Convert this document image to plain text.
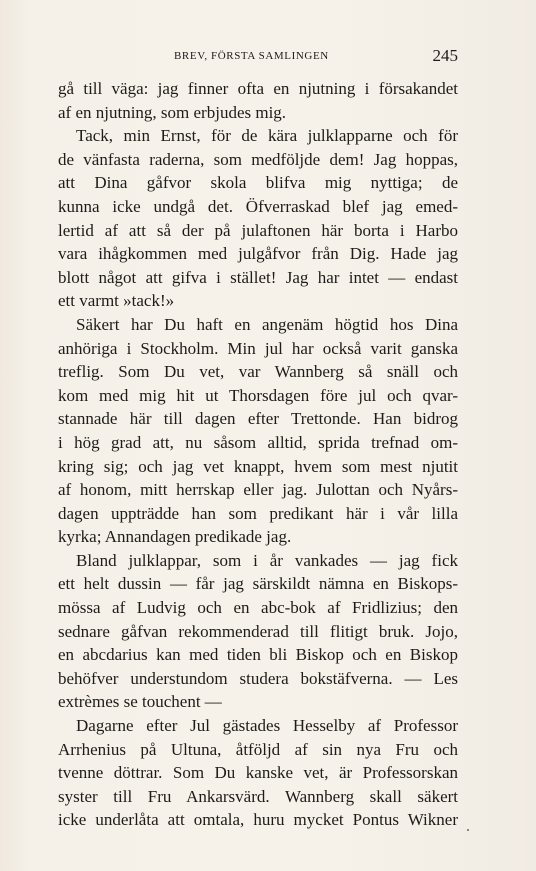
BREV, FÖRSTA SAMLINGEN	245
gå till väga: jag finner ofta en njutning i försakandet
af en njutning, som erbjudes mig.
Tack, min Ernst, för de kära julklapparne och för
de vänfasta raderna, som medföljde dem! Jag hoppas,
att Dina gåfvor skola blifva mig nyttiga; de
kunna icke undgå det. Öfverraskad blef jag emed-
lertid af att så der på julaftonen här borta i Harbo
vara ihågkommen med julgåfvor från Dig. Hade jag
blott något att gifva i stället! Jag har intet — endast
ett varmt »tack!»
Säkert har Du haft en angenäm högtid hos Dina
anhöriga i Stockholm. Min jul har också varit ganska
treflig. Som Du vet, var Wannberg så snäll och
kom med mig hit ut Thorsdagen före jul och qvar-
stannade här till dagen efter Trettonde. Han bidrog
i hög grad att, nu såsom alltid, sprida trefnad om-
kring sig; och jag vet knappt, hvem som mest njutit
af honom, mitt herrskap eller jag. Julottan och Nyårs-
dagen uppträdde han som predikant här i vår lilla
kyrka; Annandagen predikade jag.
Bland julklappar, som i år vankades — jag fick
ett helt dussin — får jag särskildt nämna en Biskops-
mössa af Ludvig och en abc-bok af Fridlizius; den
sednare gåfvan rekommenderad till flitigt bruk. Jojo,
en abcdarius kan med tiden bli Biskop och en Biskop
behöfver understundom studera bokstäfverna. — Les
extrèmes se touchent —
Dagarne efter Jul gästades Hesselby af Professor
Arrhenius på Ultuna, åtföljd af sin nya Fru och
tvenne döttrar. Som Du kanske vet, är Professorskan
syster till Fru Ankarsvärd. Wannberg skall säkert
icke underlåta att omtala, huru mycket Pontus Wikner
